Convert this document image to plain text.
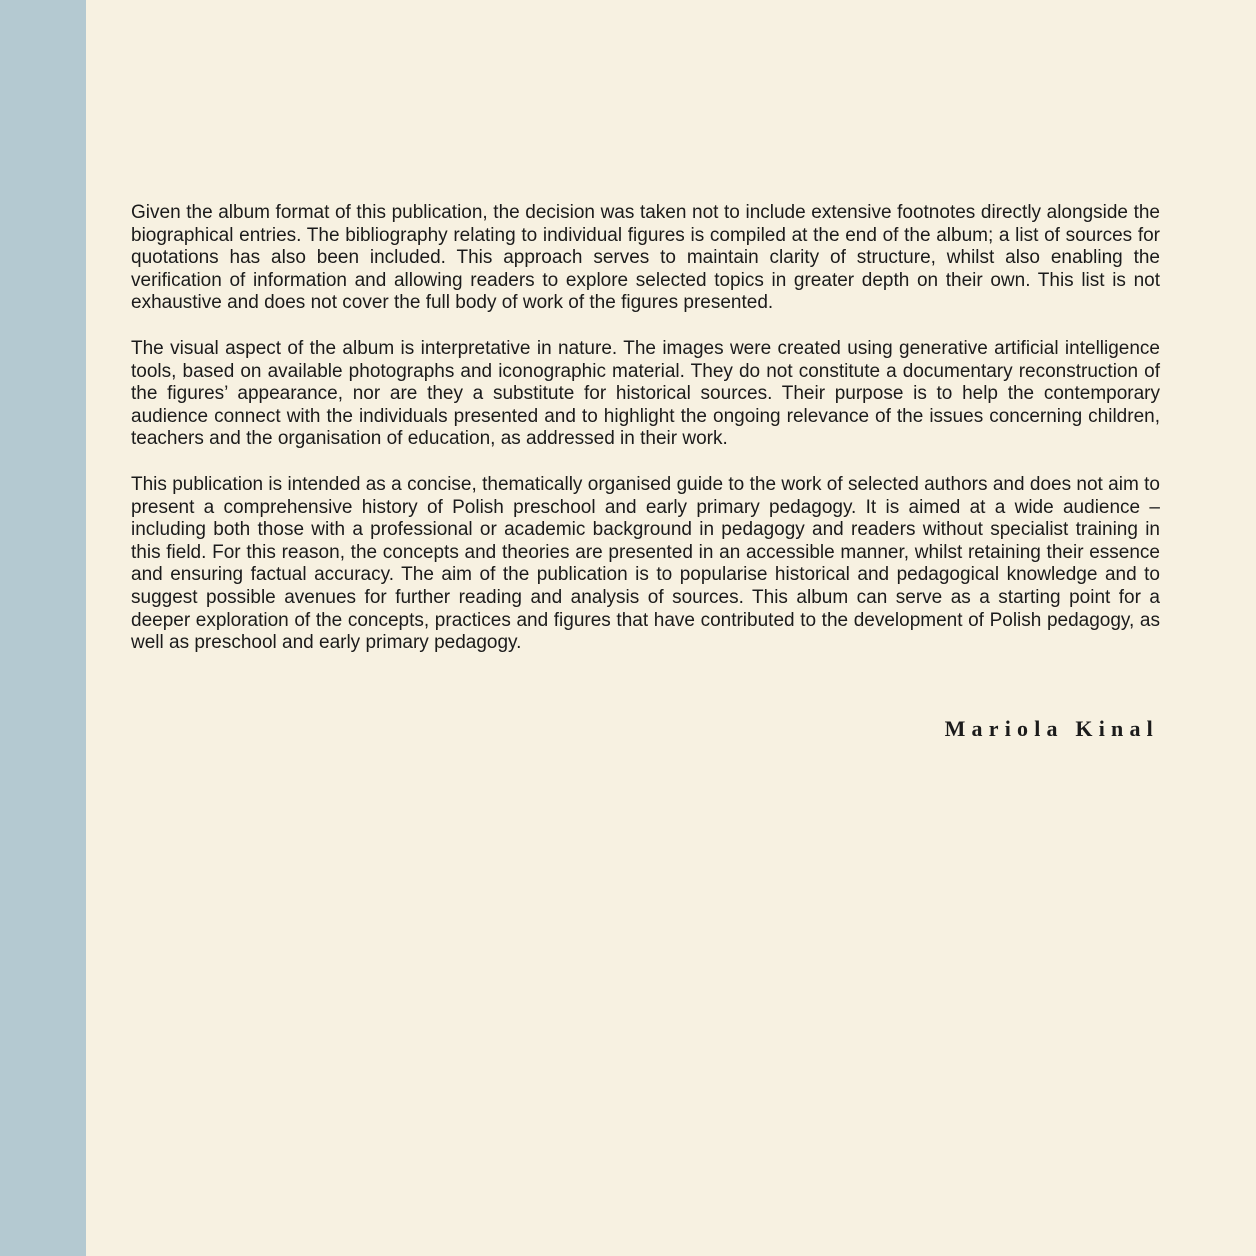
Given the album format of this publication, the decision was taken not to include extensive footnotes directly alongside the biographical entries. The bibliography relating to individual figures is compiled at the end of the album; a list of sources for quotations has also been included. This approach serves to maintain clarity of structure, whilst also enabling the verification of information and allowing readers to explore selected topics in greater depth on their own. This list is not exhaustive and does not cover the full body of work of the figures presented.

The visual aspect of the album is interpretative in nature. The images were created using generative artificial intelligence tools, based on available photographs and iconographic material. They do not constitute a documentary reconstruction of the figures’ appearance, nor are they a substitute for historical sources. Their purpose is to help the contemporary audience connect with the individuals presented and to highlight the ongoing relevance of the issues concerning children, teachers and the organisation of education, as addressed in their work.

This publication is intended as a concise, thematically organised guide to the work of selected authors and does not aim to present a comprehensive history of Polish preschool and early primary pedagogy. It is aimed at a wide audience – including both those with a professional or academic background in pedagogy and readers without specialist training in this field. For this reason, the concepts and theories are presented in an accessible manner, whilst retaining their essence and ensuring factual accuracy. The aim of the publication is to popularise historical and pedagogical knowledge and to suggest possible avenues for further reading and analysis of sources. This album can serve as a starting point for a deeper exploration of the concepts, practices and figures that have contributed to the development of Polish pedagogy, as well as preschool and early primary pedagogy.

Mariola Kinal
